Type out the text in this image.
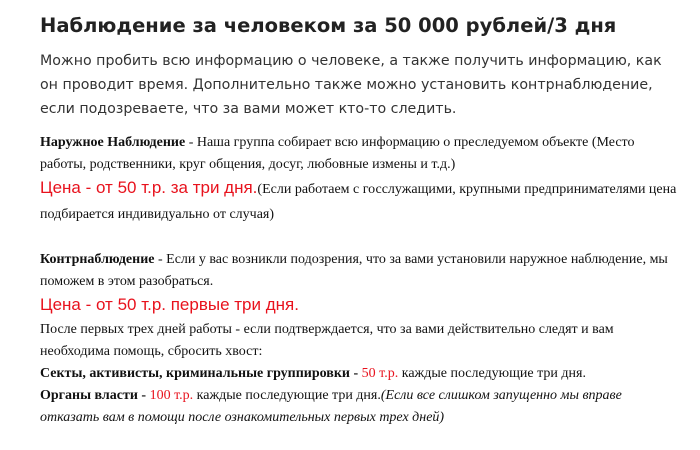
Наблюдение за человеком за 50 000 рублей/3 дня

Можно пробить всю информацию о человеке, а также получить информацию, как он проводит время. Дополнительно также можно установить контрнаблюдение, если подозреваете, что за вами может кто-то следить.

Наружное Наблюдение - Наша группа собирает всю информацию о преследуемом объекте (Место работы, родственники, круг общения, досуг, любовные измены и т.д.)

Цена - от 50 т.р. за три дня.(Если работаем с госслужащими, крупными предпринимателями цена подбирается индивидуально от случая)

Контрнаблюдение - Если у вас возникли подозрения, что за вами установили наружное наблюдение, мы поможем в этом разобраться.

Цена - от 50 т.р. первые три дня.

После первых трех дней работы - если подтверждается, что за вами действительно следят и вам необходима помощь, сбросить хвост:

Секты, активисты, криминальные группировки - 50 т.р. каждые последующие три дня.

Органы власти - 100 т.р. каждые последующие три дня.(Если все слишком запущенно мы вправе отказать вам в помощи после ознакомительных первых трех дней)
